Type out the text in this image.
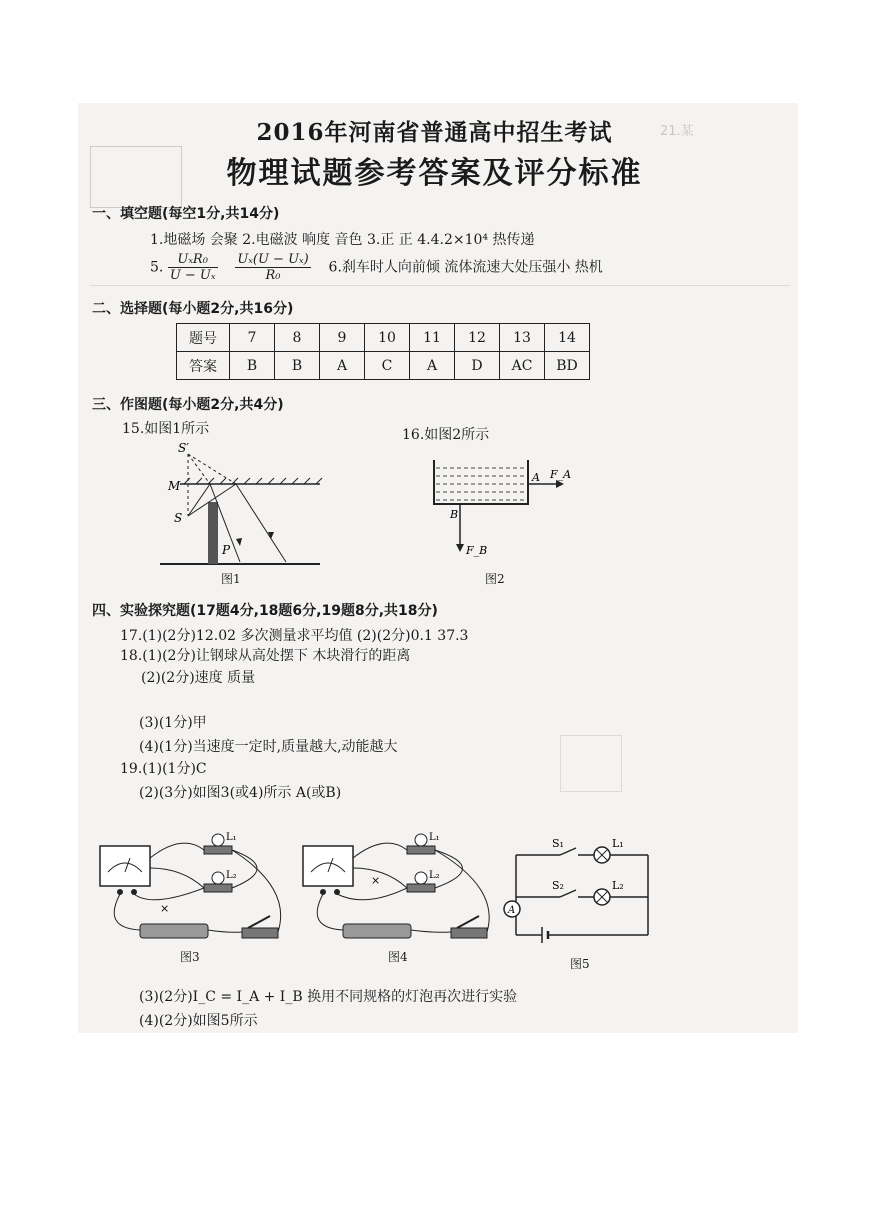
21.某
2016年河南省普通高中招生考试
物理试题参考答案及评分标准
一、填空题(每空1分,共14分)
1.地磁场 会聚 2.电磁波 响度 音色 3.正 正 4.4.2×10⁴ 热传递
5. $\frac{\text{UₓR₀}}{\text{U − Uₓ}}$
$\frac{\text{Uₓ(U − Uₓ)}}{\text{R₀}} 6$.刹车时人向前倾 流体流速大处压强小 热机
二、选择题(每小题2分,共16分)
题号	7	8	9	10	11	12	13	14
答案	B	B	A	C	A	D	AC	BD
三、作图题(每小题2分,共4分)
15.如图1所示	16.如图2所示
S′
S
M
P
图1
A F_A
B
F_B
图2
四、实验探究题(17题4分,18题6分,19题8分,共18分)
17.(1)(2分)12.02 多次测量求平均值 (2)(2分)0.1 37.3
18.(1)(2分)让钢球从高处摆下 木块滑行的距离
(2)(2分)速度 质量
(3)(1分)甲
(4)(1分)当速度一定时,质量越大,动能越大
19.(1)(1分)C
(2)(3分)如图3(或4)所示 A(或B)
×
L₁
L₂
图3
×
L₁
L₂
图4
A
S₁
S₂
L₁
L₂
图5
(3)(2分)I_C = I_A + I_B 换用不同规格的灯泡再次进行实验
(4)(2分)如图5所示
